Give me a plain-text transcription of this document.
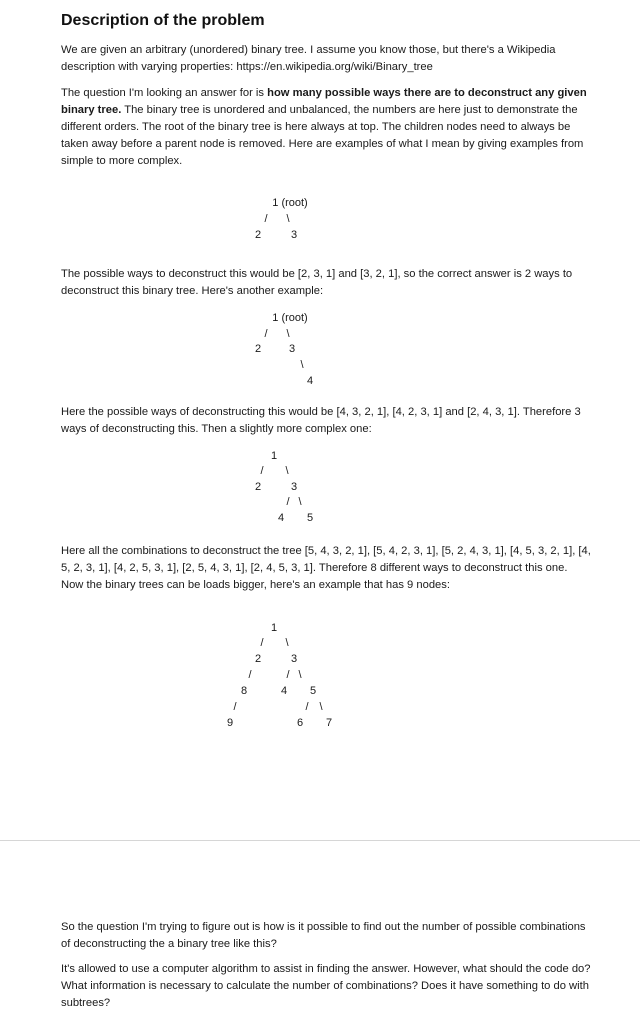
Description of the problem

We are given an arbitrary (unordered) binary tree. I assume you know those, but there's a Wikipedia description with varying properties: https://en.wikipedia.org/wiki/Binary_tree

The question I'm looking an answer for is how many possible ways there are to deconstruct any given binary tree. The binary tree is unordered and unbalanced, the numbers are here just to demonstrate the different orders. The root of the binary tree is here always at top. The children nodes need to always be taken away before a parent node is removed. Here are examples of what I mean by giving examples from simple to more complex.

1 (root)
/ \
2	3

The possible ways to deconstruct this would be [2, 3, 1] and [3, 2, 1], so the correct answer is 2 ways to deconstruct this binary tree. Here's another example:

1 (root)
/ \
2	3
\
4

Here the possible ways of deconstructing this would be [4, 3, 2, 1], [4, 2, 3, 1] and [2, 4, 3, 1]. Therefore 3 ways of deconstructing this. Then a slightly more complex one:

1
/ \
2	3
/ \
4 5

Here all the combinations to deconstruct the tree [5, 4, 3, 2, 1], [5, 4, 2, 3, 1], [5, 2, 4, 3, 1], [4, 5, 3, 2, 1], [4, 5, 2, 3, 1], [4, 2, 5, 3, 1], [2, 5, 4, 3, 1], [2, 4, 5, 3, 1]. Therefore 8 different ways to deconstruct this one. Now the binary trees can be loads bigger, here's an example that has 9 nodes:

1
/ \
2	3
/	/ \
8	4 5
/	/ \
9	6 7

So the question I'm trying to figure out is how is it possible to find out the number of possible combinations of deconstructing the a binary tree like this?

It's allowed to use a computer algorithm to assist in finding the answer. However, what should the code do? What information is necessary to calculate the number of combinations? Does it have something to do with subtrees?
